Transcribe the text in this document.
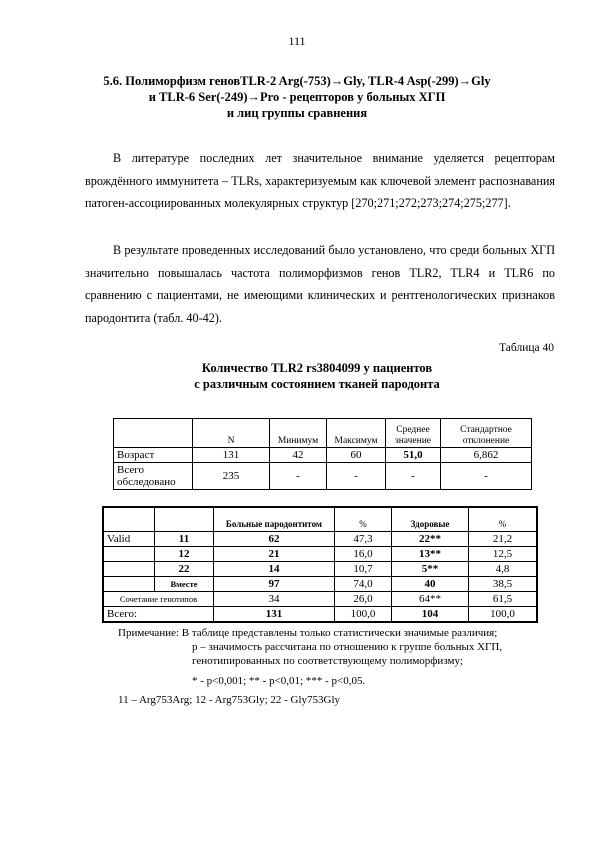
111
5.6. Полиморфизм геновTLR-2 Arg(-753)→Gly, TLR-4 Asp(-299)→Gly
и TLR-6 Ser(-249)→Pro - рецепторов у больных ХГП
и лиц группы сравнения
В литературе последних лет значительное внимание уделяется рецепторам врождённого иммунитета – TLRs, характеризуемым как ключевой элемент распознавания патоген-ассоциированных молекулярных структур [270;271;272;273;274;275;277].
В результате проведенных исследований было установлено, что среди больных ХГП значительно повышалась частота полиморфизмов генов TLR2, TLR4 и TLR6 по сравнению с пациентами, не имеющими клинических и рентгенологических признаков пародонтита (табл. 40-42).
Таблица 40
Количество TLR2 rs3804099 у пациентов
с различным состоянием тканей пародонта
	N	Минимум	Максимум	Среднее значение	Стандартное отклонение
Возраст	131	42	60	51,0	6,862
Всего обследовано	235	-	-	-	-
		Больные пародонтитом	%	Здоровые	%
Valid	11	62	47,3	22**	21,2
	12	21	16,0	13**	12,5
	22	14	10,7	5**	4,8
	Вместе	97	74,0	40	38,5
Сочетание генотипов		34	26,0	64**	61,5
Всего:		131	100,0	104	100,0
Примечание: В таблице представлены только статистически значимые различия;
р – значимость рассчитана по отношению к группе больных ХГП,
генотипированных по соответствующему полиморфизму;
* - p<0,001; ** - p<0,01; *** - p<0,05.
11 – Arg753Arg; 12 - Arg753Gly; 22 - Gly753Gly
